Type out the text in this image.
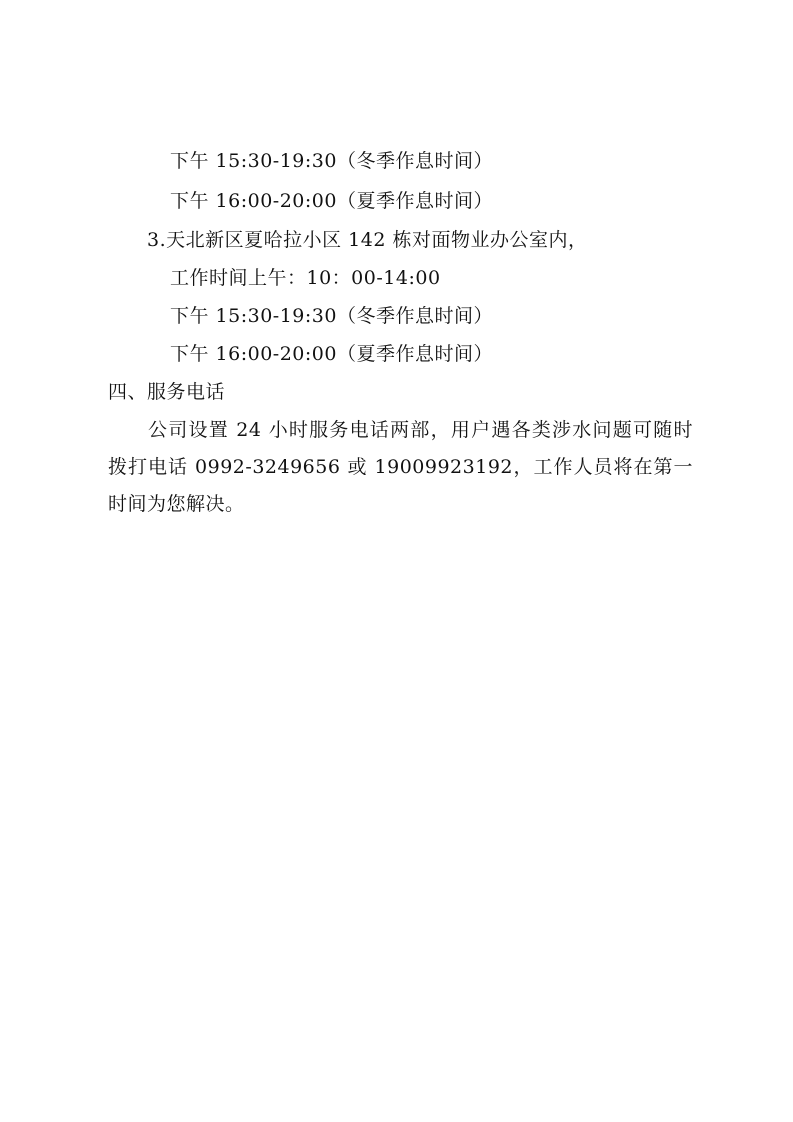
下午 15:30-19:30（冬季作息时间）
下午 16:00-20:00（夏季作息时间）
3.天北新区夏哈拉小区 142 栋对面物业办公室内，
工作时间上午：10：00-14:00
下午 15:30-19:30（冬季作息时间）
下午 16:00-20:00（夏季作息时间）
四、服务电话
公司设置 24 小时服务电话两部，用户遇各类涉水问题可随时拨打电话 0992-3249656 或 19009923192，工作人员将在第一时间为您解决。
